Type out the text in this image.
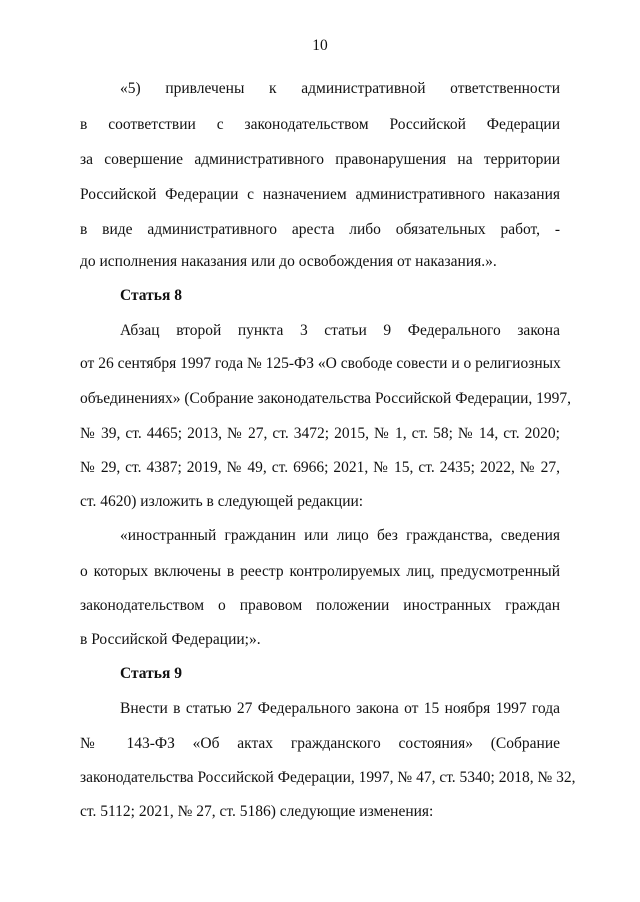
10
«5) привлечены к административной ответственности
в соответствии с законодательством Российской Федерации
за совершение административного правонарушения на территории
Российской Федерации с назначением административного наказания
в виде административного ареста либо обязательных работ, -
до исполнения наказания или до освобождения от наказания.».
Статья 8
Абзац второй пункта 3 статьи 9 Федерального закона
от 26 сентября 1997 года № 125-ФЗ «О свободе совести и о религиозных
объединениях» (Собрание законодательства Российской Федерации, 1997,
№ 39, ст. 4465; 2013, № 27, ст. 3472; 2015, № 1, ст. 58; № 14, ст. 2020;
№ 29, ст. 4387; 2019, № 49, ст. 6966; 2021, № 15, ст. 2435; 2022, № 27,
ст. 4620) изложить в следующей редакции:
«иностранный гражданин или лицо без гражданства, сведения
о которых включены в реестр контролируемых лиц, предусмотренный
законодательством о правовом положении иностранных граждан
в Российской Федерации;».
Статья 9
Внести в статью 27 Федерального закона от 15 ноября 1997 года
№ 143-ФЗ «Об актах гражданского состояния» (Собрание
законодательства Российской Федерации, 1997, № 47, ст. 5340; 2018, № 32,
ст. 5112; 2021, № 27, ст. 5186) следующие изменения:
